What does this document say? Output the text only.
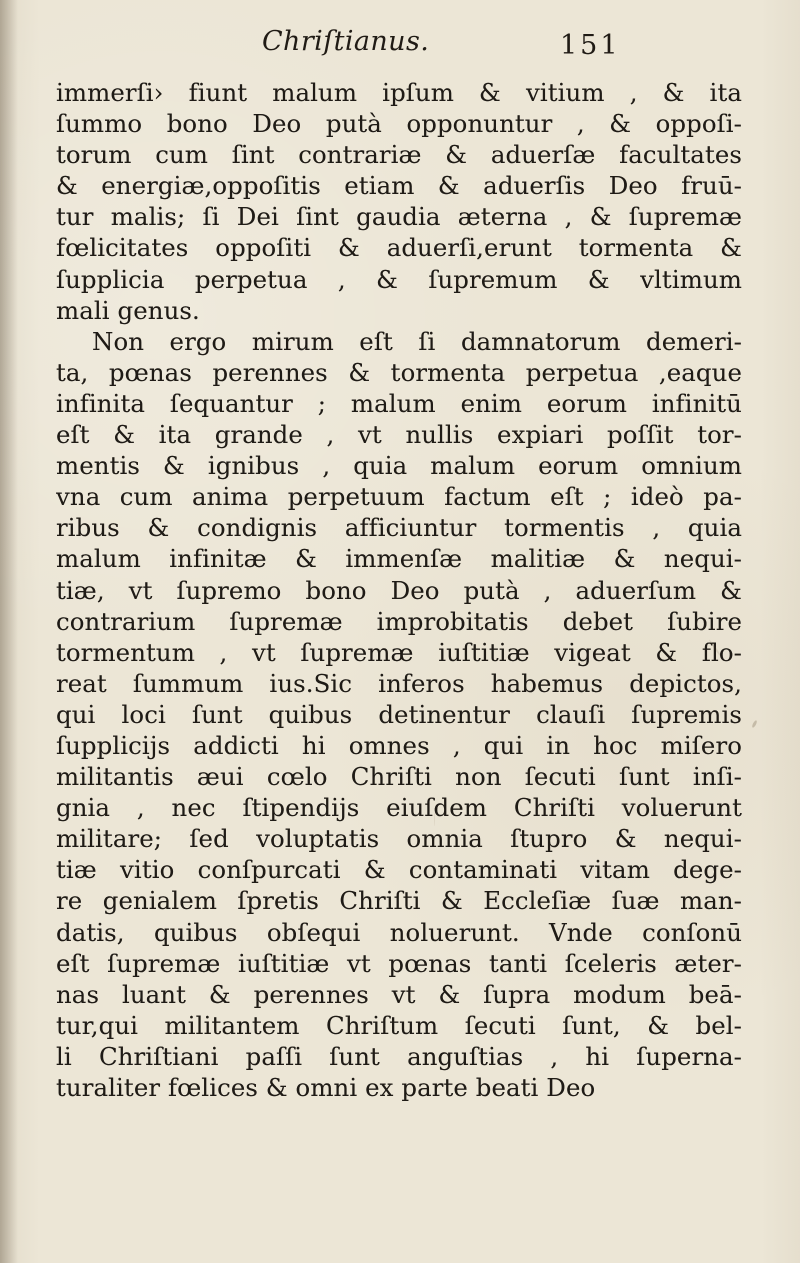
Chriſtianus.	151
immerſi› fiunt malum ipſum & vitium , & ita
ſummo bono Deo putà opponuntur , & oppoſi-
torum cum ſint contrariæ & aduerſæ facultates
& energiæ,oppoſitis etiam & aduerſis Deo fruū-
tur malis; ſi Dei ſint gaudia æterna , & ſupremæ
fœlicitates oppoſiti & aduerſi,erunt tormenta &
ſupplicia perpetua , & ſupremum & vltimum
mali genus.
Non ergo mirum eſt ſi damnatorum demeri-
ta, pœnas perennes & tormenta perpetua ,eaque
infinita ſequantur ; malum enim eorum infinitū
eſt & ita grande , vt nullis expiari poſſit tor-
mentis & ignibus , quia malum eorum omnium
vna cum anima perpetuum factum eſt ; ideò pa-
ribus & condignis afficiuntur tormentis , quia
malum infinitæ & immenſæ malitiæ & nequi-
tiæ, vt ſupremo bono Deo putà , aduerſum &
contrarium ſupremæ improbitatis debet ſubire
tormentum , vt ſupremæ iuſtitiæ vigeat & flo-
reat ſummum ius.Sic inferos habemus depictos,
qui loci ſunt quibus detinentur clauſi ſupremis
ſupplicijs addicti hi omnes , qui in hoc miſero
militantis æui cœlo Chriſti non ſecuti ſunt inſi-
gnia , nec ſtipendijs eiuſdem Chriſti voluerunt
militare; ſed voluptatis omnia ſtupro & nequi-
tiæ vitio conſpurcati & contaminati vitam dege-
re genialem ſpretis Chriſti & Eccleſiæ ſuæ man-
datis, quibus obſequi noluerunt. Vnde conſonū
eſt ſupremæ iuſtitiæ vt pœnas tanti ſceleris æter-
nas luant & perennes vt & ſupra modum beā-
tur,qui militantem Chriſtum ſecuti ſunt, & bel-
li Chriſtiani paſſi ſunt anguſtias , hi ſuperna-
turaliter fœlices & omni ex parte beati Deo
